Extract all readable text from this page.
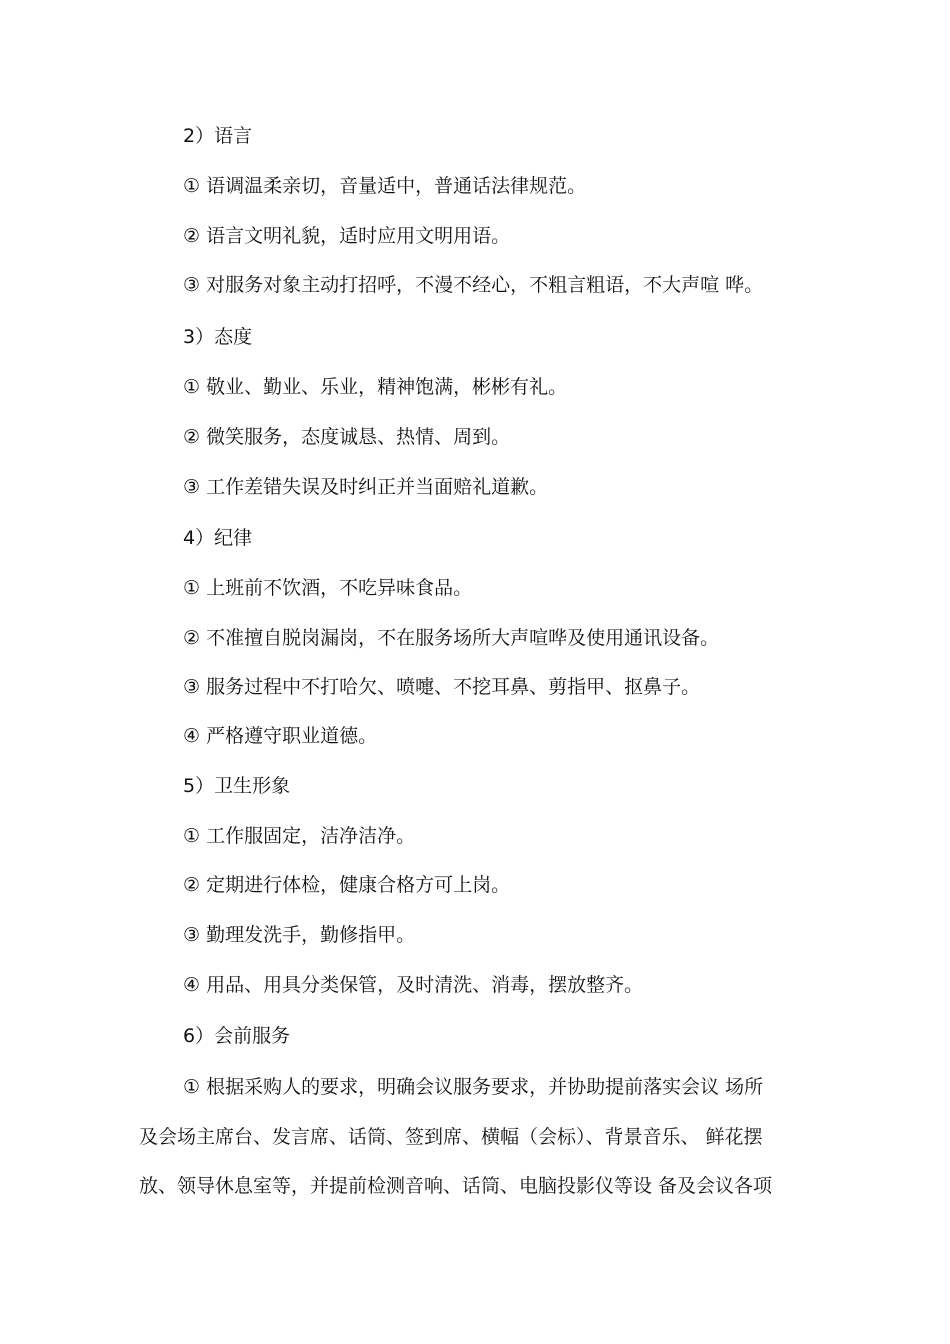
2）语言
① 语调温柔亲切，音量适中，普通话法律规范。
② 语言文明礼貌，适时应用文明用语。
③ 对服务对象主动打招呼，不漫不经心，不粗言粗语，不大声喧 哗。
3）态度
① 敬业、勤业、乐业，精神饱满，彬彬有礼。
② 微笑服务，态度诚恳、热情、周到。
③ 工作差错失误及时纠正并当面赔礼道歉。
4）纪律
① 上班前不饮酒，不吃异味食品。
② 不准擅自脱岗漏岗，不在服务场所大声喧哗及使用通讯设备。
③ 服务过程中不打哈欠、喷嚏、不挖耳鼻、剪指甲、抠鼻子。
④ 严格遵守职业道德。
5）卫生形象
① 工作服固定，洁净洁净。
② 定期进行体检，健康合格方可上岗。
③ 勤理发洗手，勤修指甲。
④ 用品、用具分类保管，及时清洗、消毒，摆放整齐。
6）会前服务
① 根据采购人的要求，明确会议服务要求，并协助提前落实会议 场所
及会场主席台、发言席、话筒、签到席、横幅（会标）、背景音乐、 鲜花摆
放、领导休息室等，并提前检测音响、话筒、电脑投影仪等设 备及会议各项
